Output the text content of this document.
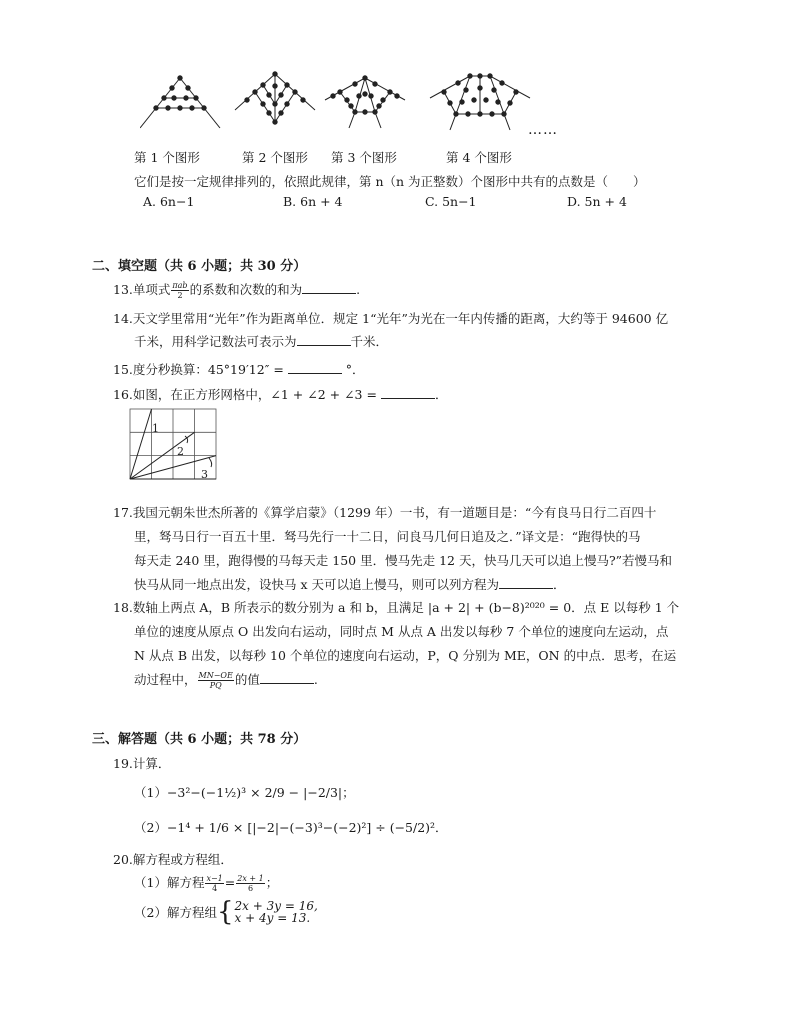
……
第 1 个图形	第 2 个图形 第 3 个图形	第 4 个图形
它们是按一定规律排列的，依照此规律，第 n（n 为正整数）个图形中共有的点数是（　　）
A. 6n−1	B. 6n + 4	C. 5n−1	D. 5n + 4
二、填空题（共 6 小题；共 30 分）
13.单项式 $\frac{\text{πab}}{2}$ 的系数和次数的和为	.
14.天文学里常用“光年”作为距离单位．规定 1“光年”为光在一年内传播的距离，大约等于 94600 亿
千米，用科学记数法可表示为	千米．
15.度分秒换算：45°19′12″ =	°．
16.如图，在正方形网格中，∠1 + ∠2 + ∠3 =	．
1
2
3
17.我国元朝朱世杰所著的《算学启蒙》（1299 年）一书，有一道题目是：“今有良马日行二百四十
里，驽马日行一百五十里．驽马先行一十二日，问良马几何日追及之．”译文是：“跑得快的马
每天走 240 里，跑得慢的马每天走 150 里．慢马先走 12 天，快马几天可以追上慢马?”若慢马和
快马从同一地点出发，设快马 x 天可以追上慢马，则可以列方程为	．
18.数轴上两点 A，B 所表示的数分别为 a 和 b，且满足 |a + 2| + (b−8)²⁰²⁰ = 0．点 E 以每秒 1 个
单位的速度从原点 O 出发向右运动，同时点 M 从点 A 出发以每秒 7 个单位的速度向左运动，点
N 从点 B 出发，以每秒 10 个单位的速度向右运动，P，Q 分别为 ME，ON 的中点．思考，在运
动过程中， $\frac{MN-OE}{PQ}$ 的值	.
三、解答题（共 6 小题；共 78 分）
19.计算．
（1）−3²−(−1½)³ × 2/9 − |−2/3|；
（2）−1⁴ + 1/6 × [|−2|−(−3)³−(−2)²] ÷ (−5/2)²．
20.解方程或方程组．
（1）解方程 $\frac{x-1}{4} = \frac{2x + 1}{6}$ ；
（2）解方程组 { 2x + 3y = 16,
x + 4y = 13.
